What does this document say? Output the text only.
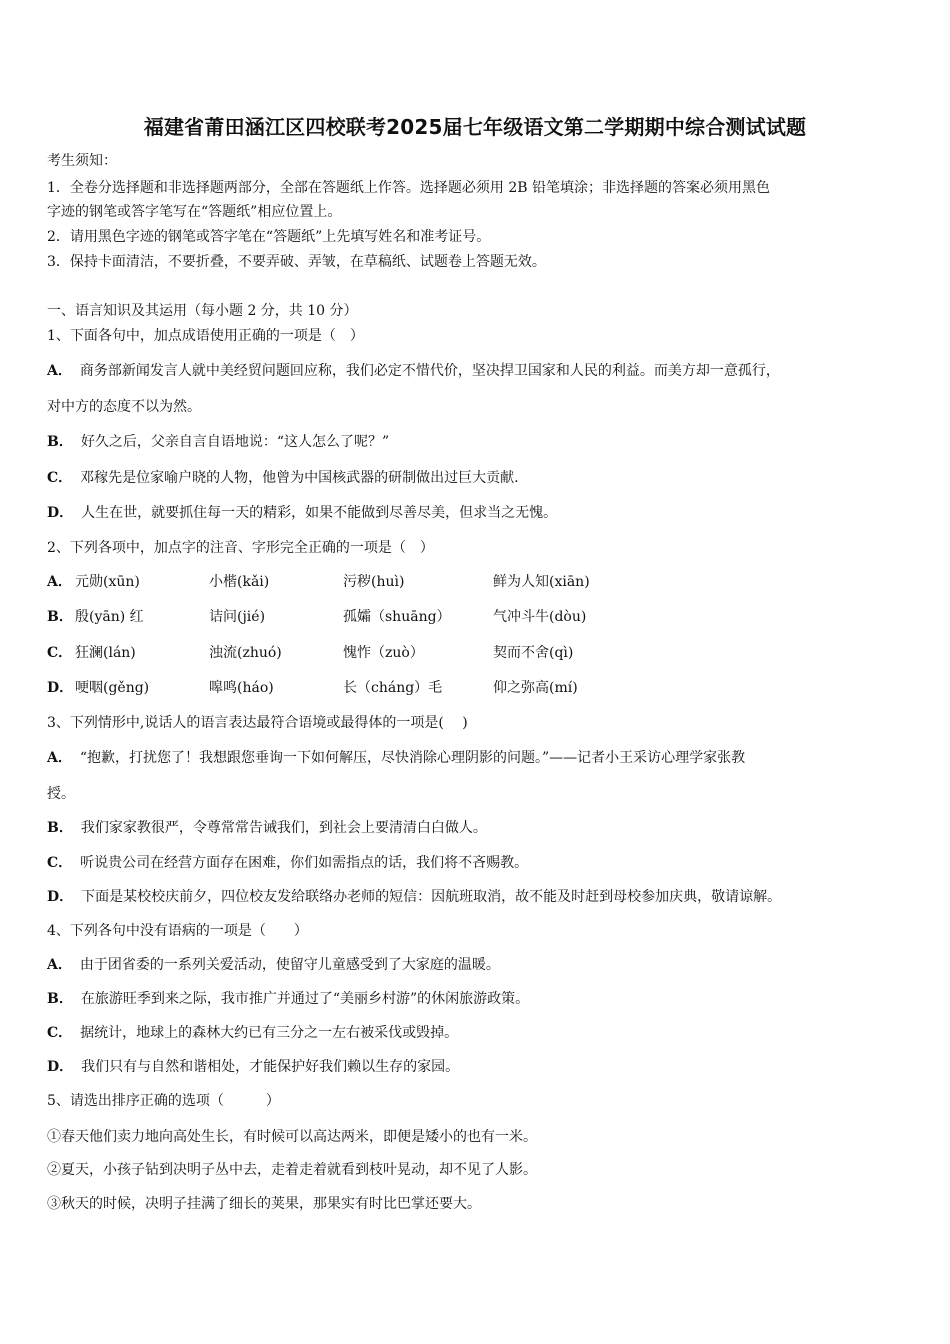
福建省莆田涵江区四校联考2025届七年级语文第二学期期中综合测试试题
考生须知：
1．全卷分选择题和非选择题两部分，全部在答题纸上作答。选择题必须用 2B 铅笔填涂；非选择题的答案必须用黑色
字迹的钢笔或答字笔写在“答题纸”相应位置上。
2．请用黑色字迹的钢笔或答字笔在“答题纸”上先填写姓名和准考证号。
3．保持卡面清洁，不要折叠，不要弄破、弄皱，在草稿纸、试题卷上答题无效。
一、语言知识及其运用（每小题 2 分，共 10 分）
1、下面各句中，加点成语使用正确的一项是（　）
A． 商务部新闻发言人就中美经贸问题回应称，我们必定不惜代价，坚决捍卫国家和人民的利益。而美方却一意孤行，
对中方的态度不以为然。
B． 好久之后，父亲自言自语地说：“这人怎么了呢？”
C． 邓稼先是位家喻户晓的人物，他曾为中国核武器的研制做出过巨大贡献.
D． 人生在世，就要抓住每一天的精彩，如果不能做到尽善尽美，但求当之无愧。
2、下列各项中，加点字的注音、字形完全正确的一项是（　）
A． 元勋(xūn)	小楷(kǎi)	污秽(huì)	鲜为人知(xiān)
B． 殷(yān) 红	诘问(jié)	孤孀（shuāng）	气冲斗牛(dòu)
C． 狂澜(lán)	浊流(zhuó)	愧怍（zuò）	契而不舍(qì)
D． 哽咽(gěng)	嗥鸣(háo)	长（cháng）毛	仰之弥高(mí)
3、下列情形中,说话人的语言表达最符合语境或最得体的一项是(　 )
A． “抱歉，打扰您了！我想跟您垂询一下如何解压，尽快消除心理阴影的问题。”——记者小王采访心理学家张教
授。
B． 我们家家教很严，令尊常常告诫我们，到社会上要清清白白做人。
C． 听说贵公司在经营方面存在困难，你们如需指点的话，我们将不吝赐教。
D． 下面是某校校庆前夕，四位校友发给联络办老师的短信：因航班取消，故不能及时赶到母校参加庆典，敬请谅解。
4、下列各句中没有语病的一项是（　　）
A． 由于团省委的一系列关爱活动，使留守儿童感受到了大家庭的温暖。
B． 在旅游旺季到来之际，我市推广并通过了“美丽乡村游”的休闲旅游政策。
C． 据统计，地球上的森林大约已有三分之一左右被采伐或毁掉。
D． 我们只有与自然和谐相处，才能保护好我们赖以生存的家园。
5、请选出排序正确的选项（　　　）
①春天他们卖力地向高处生长，有时候可以高达两米，即便是矮小的也有一米。
②夏天，小孩子钻到决明子丛中去，走着走着就看到枝叶晃动，却不见了人影。
③秋天的时候，决明子挂满了细长的荚果，那果实有时比巴掌还要大。
